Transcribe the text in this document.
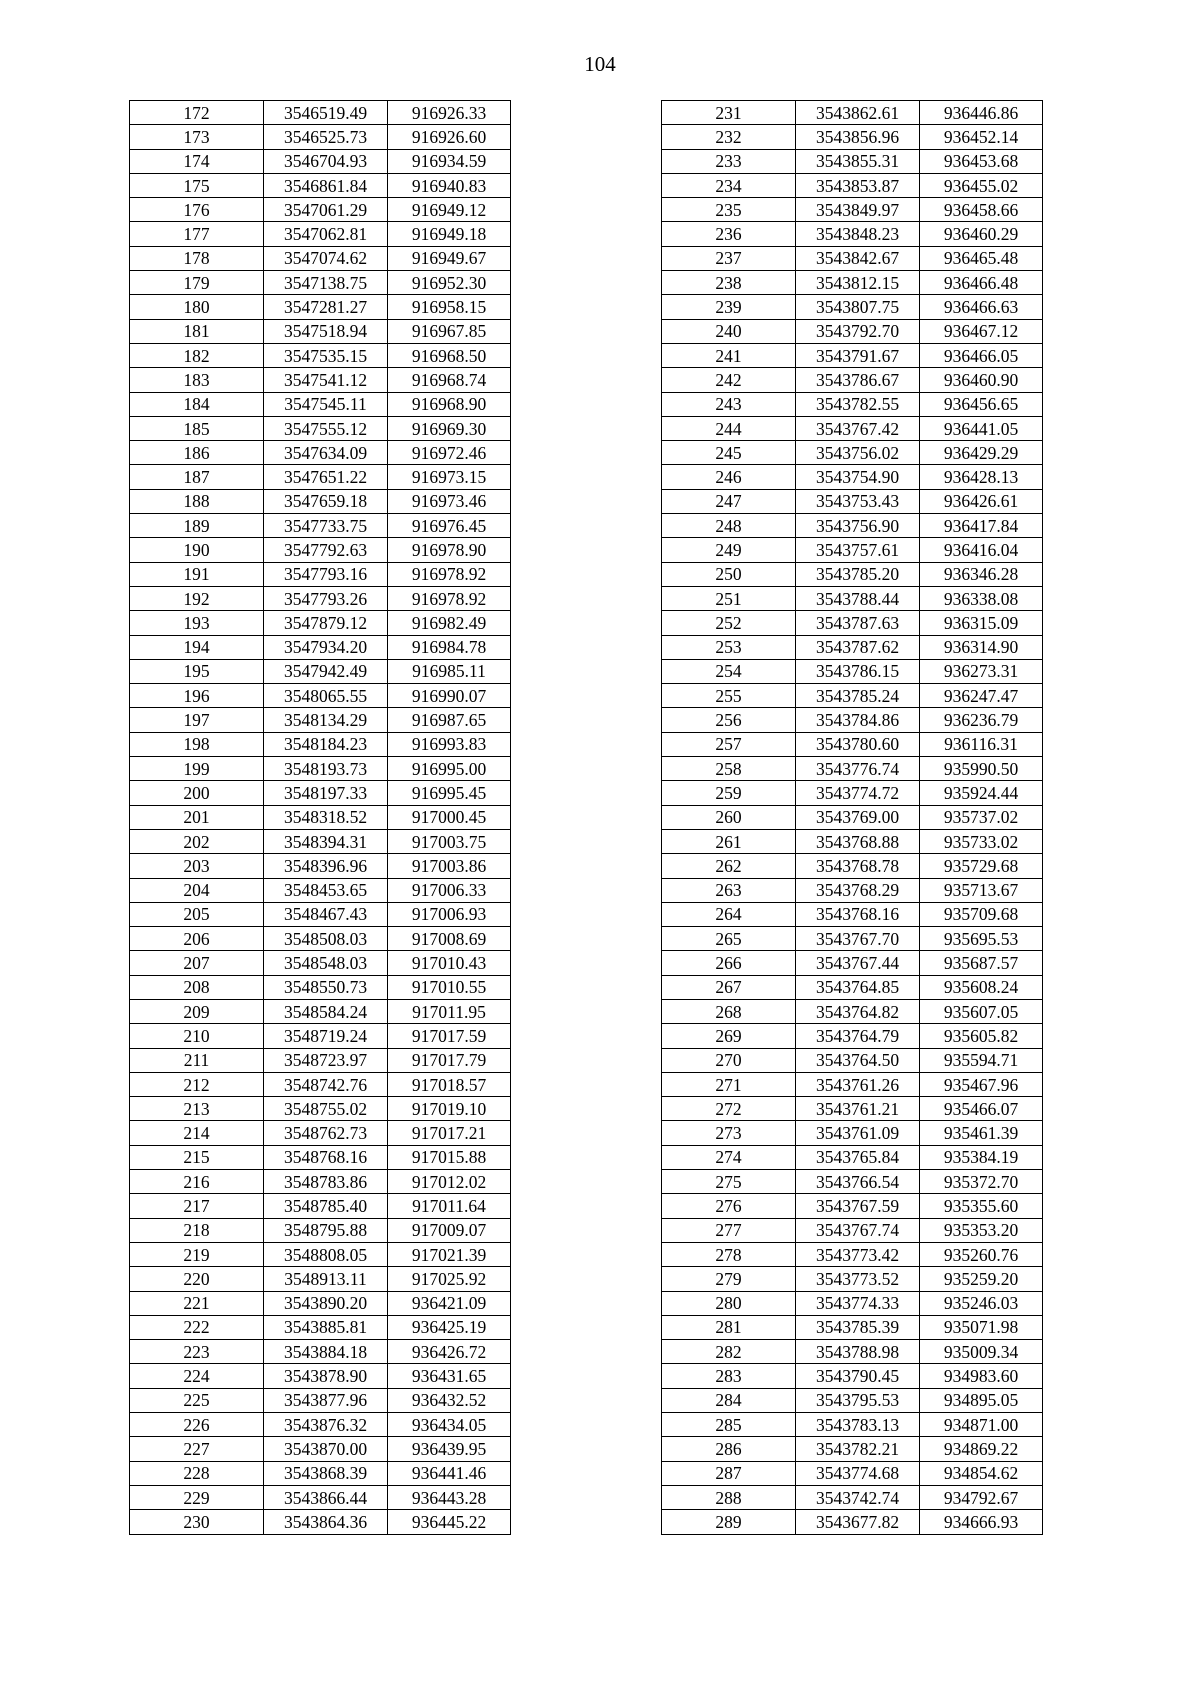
104
172	3546519.49	916926.33
173	3546525.73	916926.60
174	3546704.93	916934.59
175	3546861.84	916940.83
176	3547061.29	916949.12
177	3547062.81	916949.18
178	3547074.62	916949.67
179	3547138.75	916952.30
180	3547281.27	916958.15
181	3547518.94	916967.85
182	3547535.15	916968.50
183	3547541.12	916968.74
184	3547545.11	916968.90
185	3547555.12	916969.30
186	3547634.09	916972.46
187	3547651.22	916973.15
188	3547659.18	916973.46
189	3547733.75	916976.45
190	3547792.63	916978.90
191	3547793.16	916978.92
192	3547793.26	916978.92
193	3547879.12	916982.49
194	3547934.20	916984.78
195	3547942.49	916985.11
196	3548065.55	916990.07
197	3548134.29	916987.65
198	3548184.23	916993.83
199	3548193.73	916995.00
200	3548197.33	916995.45
201	3548318.52	917000.45
202	3548394.31	917003.75
203	3548396.96	917003.86
204	3548453.65	917006.33
205	3548467.43	917006.93
206	3548508.03	917008.69
207	3548548.03	917010.43
208	3548550.73	917010.55
209	3548584.24	917011.95
210	3548719.24	917017.59
211	3548723.97	917017.79
212	3548742.76	917018.57
213	3548755.02	917019.10
214	3548762.73	917017.21
215	3548768.16	917015.88
216	3548783.86	917012.02
217	3548785.40	917011.64
218	3548795.88	917009.07
219	3548808.05	917021.39
220	3548913.11	917025.92
221	3543890.20	936421.09
222	3543885.81	936425.19
223	3543884.18	936426.72
224	3543878.90	936431.65
225	3543877.96	936432.52
226	3543876.32	936434.05
227	3543870.00	936439.95
228	3543868.39	936441.46
229	3543866.44	936443.28
230	3543864.36	936445.22
231	3543862.61	936446.86
232	3543856.96	936452.14
233	3543855.31	936453.68
234	3543853.87	936455.02
235	3543849.97	936458.66
236	3543848.23	936460.29
237	3543842.67	936465.48
238	3543812.15	936466.48
239	3543807.75	936466.63
240	3543792.70	936467.12
241	3543791.67	936466.05
242	3543786.67	936460.90
243	3543782.55	936456.65
244	3543767.42	936441.05
245	3543756.02	936429.29
246	3543754.90	936428.13
247	3543753.43	936426.61
248	3543756.90	936417.84
249	3543757.61	936416.04
250	3543785.20	936346.28
251	3543788.44	936338.08
252	3543787.63	936315.09
253	3543787.62	936314.90
254	3543786.15	936273.31
255	3543785.24	936247.47
256	3543784.86	936236.79
257	3543780.60	936116.31
258	3543776.74	935990.50
259	3543774.72	935924.44
260	3543769.00	935737.02
261	3543768.88	935733.02
262	3543768.78	935729.68
263	3543768.29	935713.67
264	3543768.16	935709.68
265	3543767.70	935695.53
266	3543767.44	935687.57
267	3543764.85	935608.24
268	3543764.82	935607.05
269	3543764.79	935605.82
270	3543764.50	935594.71
271	3543761.26	935467.96
272	3543761.21	935466.07
273	3543761.09	935461.39
274	3543765.84	935384.19
275	3543766.54	935372.70
276	3543767.59	935355.60
277	3543767.74	935353.20
278	3543773.42	935260.76
279	3543773.52	935259.20
280	3543774.33	935246.03
281	3543785.39	935071.98
282	3543788.98	935009.34
283	3543790.45	934983.60
284	3543795.53	934895.05
285	3543783.13	934871.00
286	3543782.21	934869.22
287	3543774.68	934854.62
288	3543742.74	934792.67
289	3543677.82	934666.93
